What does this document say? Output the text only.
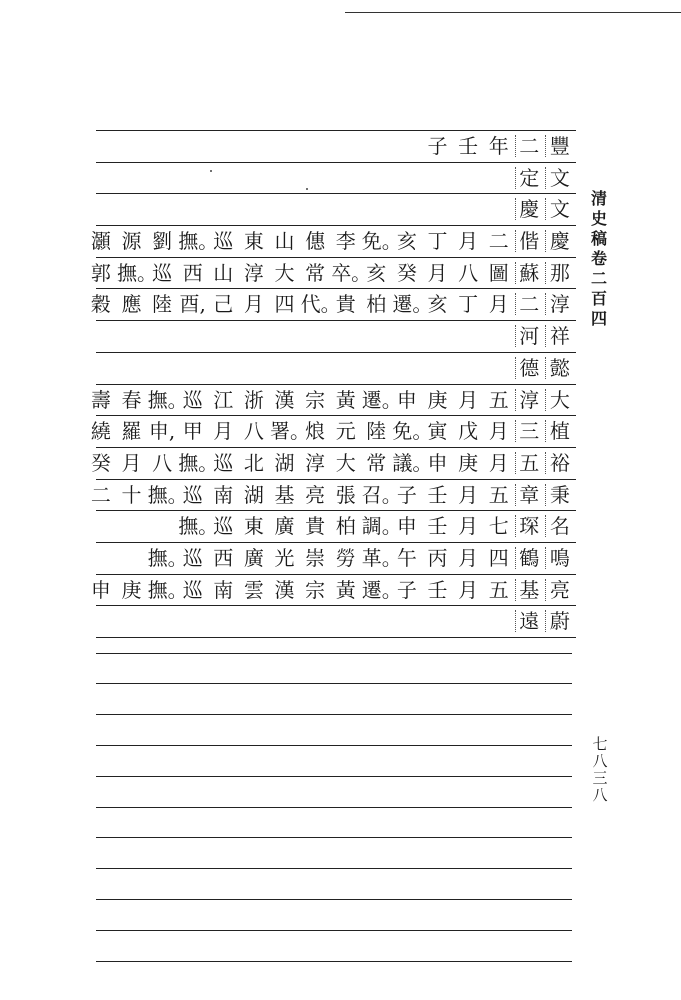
豐
二
年
壬
子
文
定
文
慶
慶
偕
二
月
丁
亥
免。
李
僡
山
東
巡
撫。
劉
源
灝
那
蘇
圖
八
月
癸
亥
卒。
常
大
淳
山
西
巡
撫。
郭
淳
二
月
丁
亥
遷。
柏
貴
代。
四
月
己
酉,
陸
應
穀
祥
河
懿
德
大
淳
五
月
庚
申
遷。
黃
宗
漢
浙
江
巡
撫。
春
壽
植
三
月
戊
寅
免。
陸
元
烺
署。
八
月
甲
申,
羅
繞
裕
五
月
庚
申
議。
常
大
淳
湖
北
巡
撫。
八
月
癸
秉
章
五
月
壬
子
召。
張
亮
基
湖
南
巡
撫。
十
二
名
琛
七
月
壬
申
調。
柏
貴
廣
東
巡
撫。
鳴
鶴
四
月
丙
午
革。
勞
崇
光
廣
西
巡
撫。
亮
基
五
月
壬
子
遷。
黃
宗
漢
雲
南
巡
撫。
庚
申
蔚
遠
清
史
稿
卷
二
百
四
七
八
三
八
